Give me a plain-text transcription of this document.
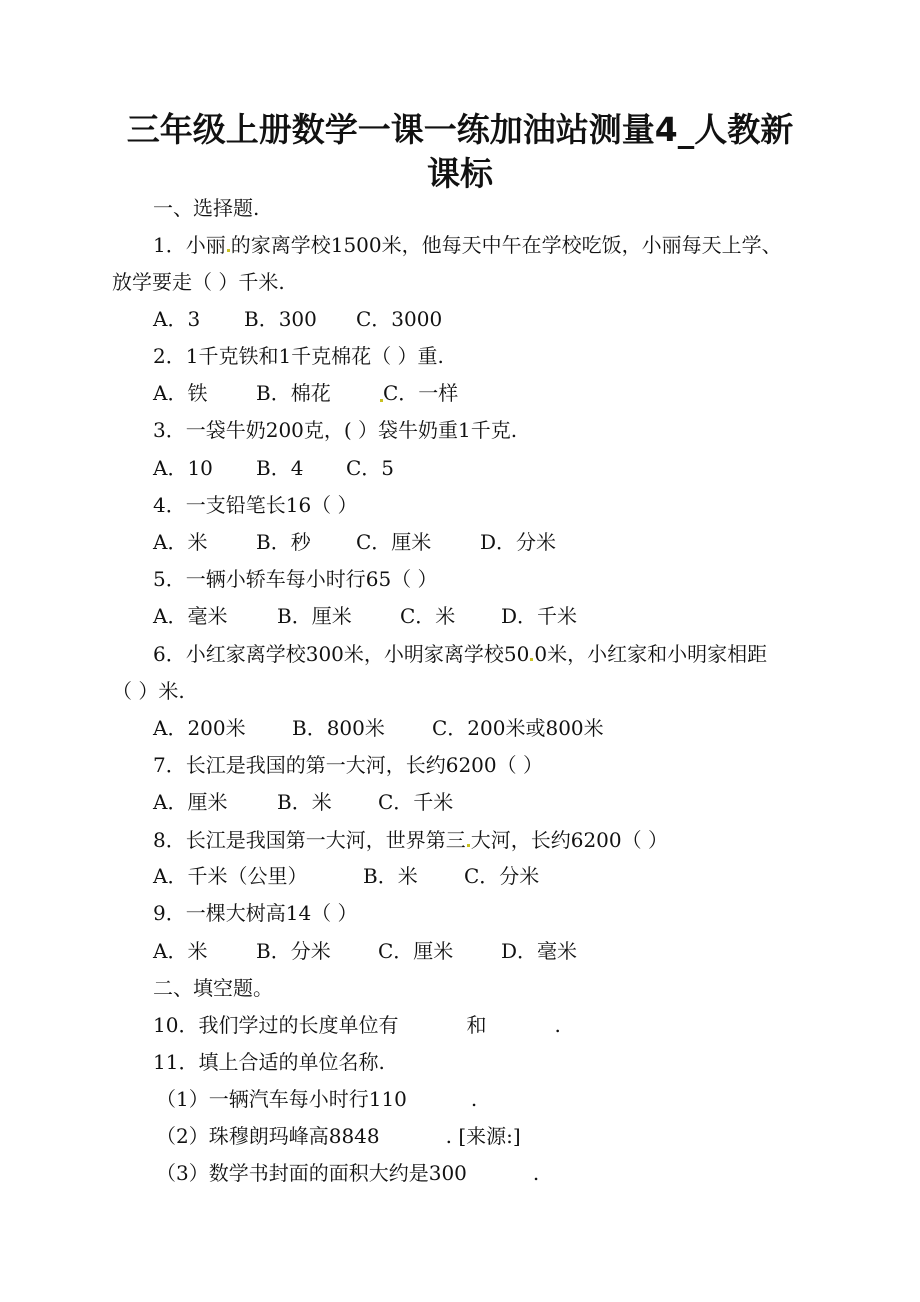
三年级上册数学一课一练加油站测量4_人教新
课标
一、选择题.
1．小丽 的家离学校1500米，他每天中午在学校吃饭，小丽每天上学、
放学要走（ ）千米.
A．3 B．300 C．3000
2．1千克铁和1千克棉花（ ）重.
A．铁 B．棉花	C．一样
3．一袋牛奶200克，( ）袋牛奶重1千克.
A．10 B．4 C．5
4．一支铅笔长16（ ）
A．米 B．秒 C．厘米 D．分米
5．一辆小轿车每小时行65（ ）
A．毫米 B．厘米 C．米 D．千米
6．小红家离学校300米，小明家离学校50 0米，小红家和小明家相距
（ ）米.
A．200米 B．800米 C．200米或800米
7．长江是我国的第一大河，长约6200（ ）
A．厘米 B．米 C．千米
8．长江是我国第一大河，世界第三 大河，长约6200（ ）
A．千米（公里）	B．米 C．分米
9．一棵大树高14（ ）
A．米 B．分米 C．厘米 D．毫米
二、填空题。
10．我们学过的长度单位有	和	.
11．填上合适的单位名称.
（1）一辆汽车每小时行110	.
（2）珠穆朗玛峰高8848	. [来源:]
（3）数学书封面的面积大约是300	.
